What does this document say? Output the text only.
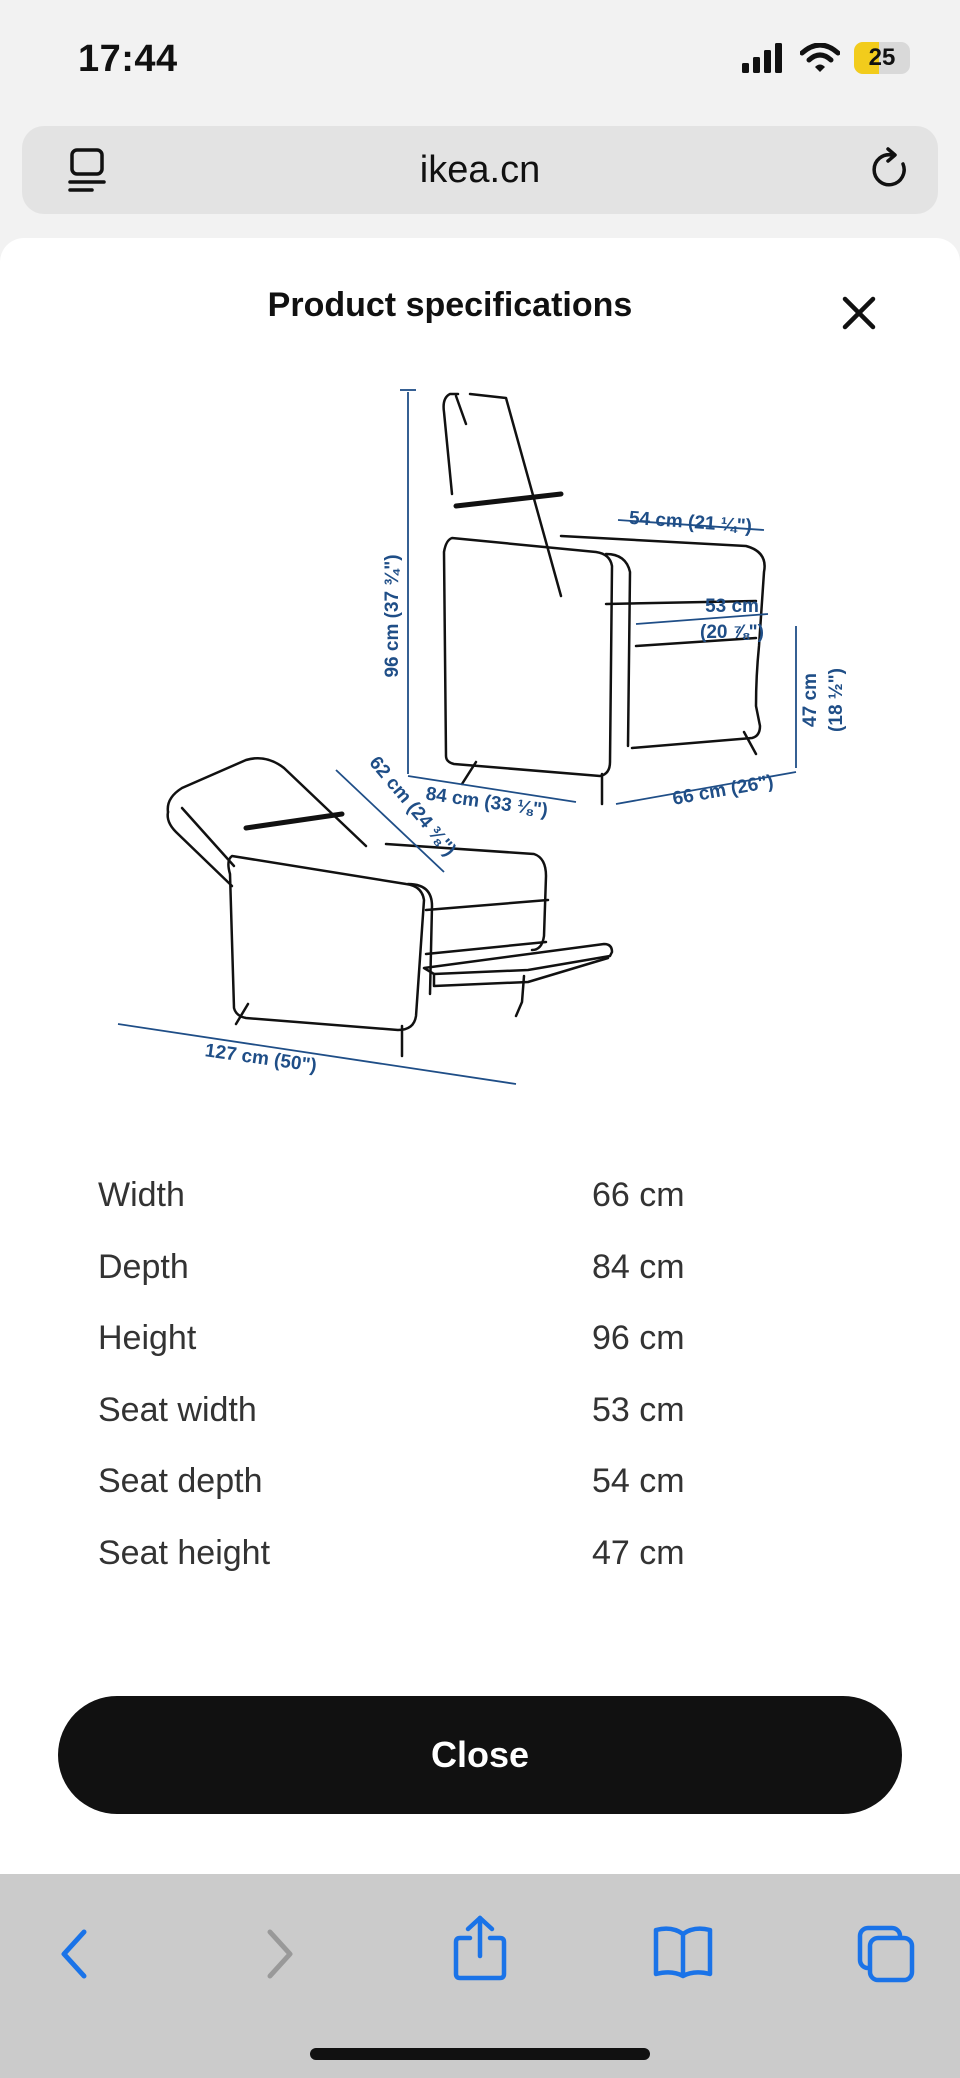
17:44	25
ikea.cn
Product specifications
96 cm (37 ¾")
54 cm (21 ¼")
53 cm
(20 ⅞")
47 cm (18 ½")
84 cm (33 ⅛")	66 cm (26")
62 cm (24 ⅜")
127 cm (50")
Width	66 cm
Depth	84 cm
Height	96 cm
Seat width	53 cm
Seat depth	54 cm
Seat height	47 cm
Close
